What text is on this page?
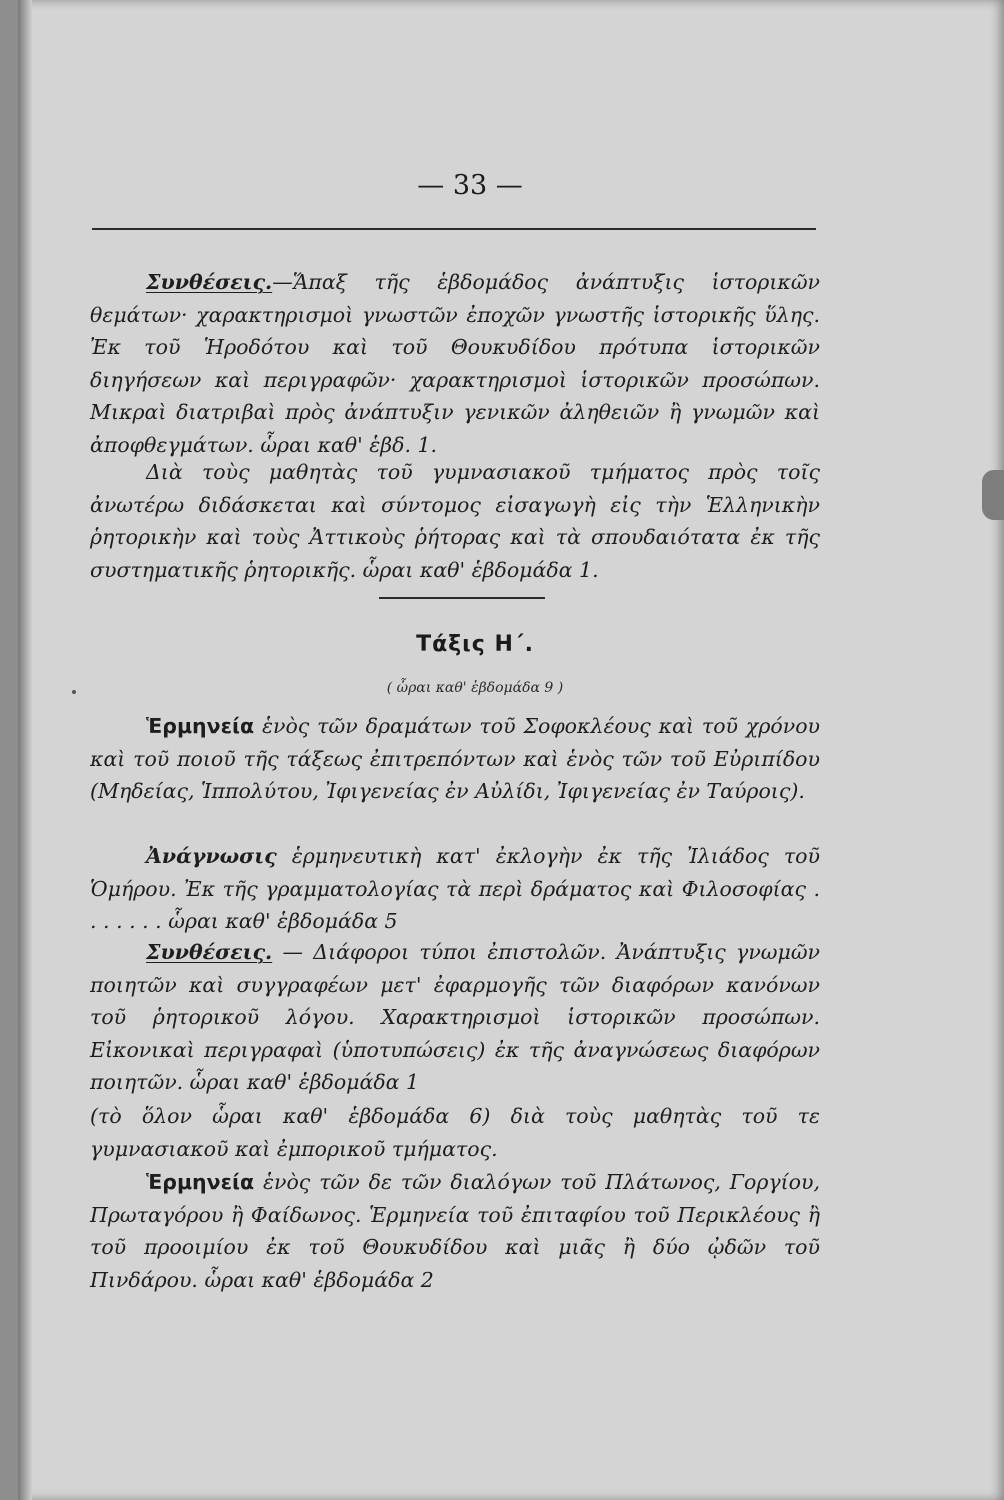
— 33 —

Συνθέσεις.—Ἅπαξ τῆς ἑβδομάδος ἀνάπτυξις ἱστορικῶν θεμάτων· χαρακτηρισμοὶ γνωστῶν ἐποχῶν γνωστῆς ἱστορικῆς ὕλης. Ἐκ τοῦ Ἡροδότου καὶ τοῦ Θουκυδίδου πρότυπα ἱστορικῶν διηγήσεων καὶ περιγραφῶν· χαρακτηρισμοὶ ἱστορικῶν προσώπων. Μικραὶ διατριβαὶ πρὸς ἀνάπτυξιν γενικῶν ἀληθειῶν ἢ γνωμῶν καὶ ἀποφθεγμάτων. ὧραι καθ' ἑβδ. 1.

Διὰ τοὺς μαθητὰς τοῦ γυμνασιακοῦ τμήματος πρὸς τοῖς ἀνωτέρω διδάσκεται καὶ σύντομος εἰσαγωγὴ εἰς τὴν Ἑλληνικὴν ῥητορικὴν καὶ τοὺς Ἀττικοὺς ῥήτορας καὶ τὰ σπουδαιότατα ἐκ τῆς συστηματικῆς ῥητορικῆς. ὧραι καθ' ἑβδομάδα 1.

Τάξις Η΄.
( ὧραι καθ' ἑβδομάδα 9 )

Ἑρμηνεία ἑνὸς τῶν δραμάτων τοῦ Σοφοκλέους καὶ τοῦ χρόνου καὶ τοῦ ποιοῦ τῆς τάξεως ἐπιτρεπόντων καὶ ἑνὸς τῶν τοῦ Εὐριπίδου (Μηδείας, Ἱππολύτου, Ἰφιγενείας ἐν Αὐλίδι, Ἰφιγενείας ἐν Ταύροις).

Ἀνάγνωσις ἑρμηνευτικὴ κατ' ἐκλογὴν ἐκ τῆς Ἰλιάδος τοῦ Ὁμήρου. Ἐκ τῆς γραμματολογίας τὰ περὶ δράματος καὶ Φιλοσοφίας . . . . . . . ὧραι καθ' ἑβδομάδα 5

Συνθέσεις. — Διάφοροι τύποι ἐπιστολῶν. Ἀνάπτυξις γνωμῶν ποιητῶν καὶ συγγραφέων μετ' ἐφαρμογῆς τῶν διαφόρων κανόνων τοῦ ῥητορικοῦ λόγου. Χαρακτηρισμοὶ ἱστορικῶν προσώπων. Εἰκονικαὶ περιγραφαὶ (ὑποτυπώσεις) ἐκ τῆς ἀναγνώσεως διαφόρων ποιητῶν. ὧραι καθ' ἑβδομάδα 1

(τὸ ὅλον ὧραι καθ' ἑβδομάδα 6) διὰ τοὺς μαθητὰς τοῦ τε γυμνασιακοῦ καὶ ἐμπορικοῦ τμήματος.

Ἑρμηνεία ἑνὸς τῶν δε τῶν διαλόγων τοῦ Πλάτωνος, Γοργίου, Πρωταγόρου ἢ Φαίδωνος. Ἑρμηνεία τοῦ ἐπιταφίου τοῦ Περικλέους ἢ τοῦ προοιμίου ἐκ τοῦ Θουκυδίδου καὶ μιᾶς ἢ δύο ᾠδῶν τοῦ Πινδάρου. ὧραι καθ' ἑβδομάδα 2
